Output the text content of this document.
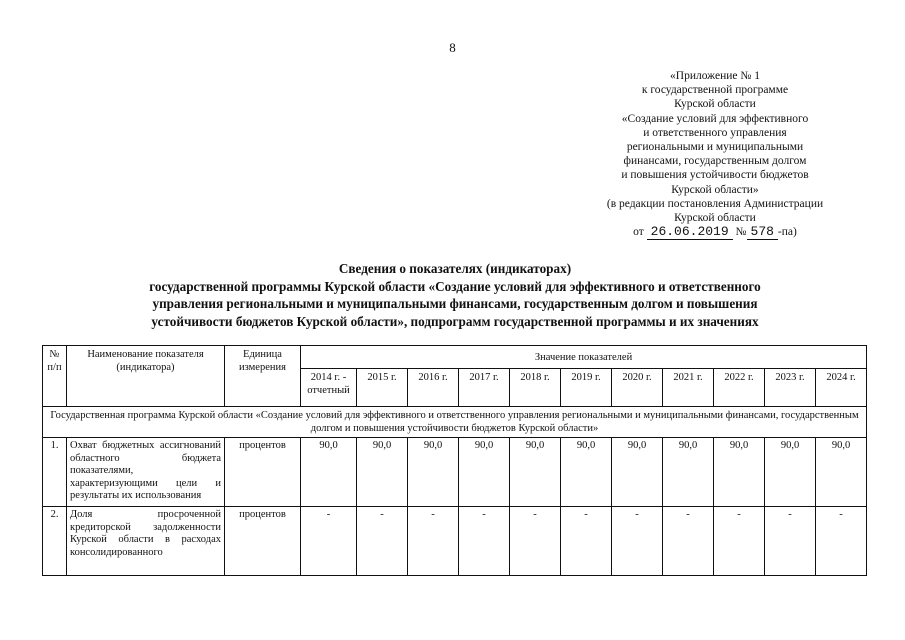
8
«Приложение № 1
к государственной программе
Курской области
«Создание условий для эффективного
и ответственного управления
региональными и муниципальными
финансами, государственным долгом
и повышения устойчивости бюджетов
Курской области»
(в редакции постановления Администрации
Курской области
от 26.06.2019 № 578 -па)
Сведения о показателях (индикаторах)
государственной программы Курской области «Создание условий для эффективного и ответственного
управления региональными и муниципальными финансами, государственным долгом и повышения
устойчивости бюджетов Курской области», подпрограмм государственной программы и их значениях
№ п/п	Наименование показателя (индикатора)	Единица измерения	Значение показателей										
			2014 г. - отчетный	2015 г.	2016 г.	2017 г.	2018 г.	2019 г.	2020 г.	2021 г.	2022 г.	2023 г.	2024 г.
Государственная программа Курской области «Создание условий для эффективного и ответственного управления региональными и муниципальными финансами, государственным долгом и повышения устойчивости бюджетов Курской области»													
1.	Охват бюджетных ассигнований областного бюджета показателями, характеризующими цели и результаты их использования	процентов	90,0	90,0	90,0	90,0	90,0	90,0	90,0	90,0	90,0	90,0	90,0
2.	Доля просроченной кредиторской задолженности Курской области в расходах консолидированного	процентов	-	-	-	-	-	-	-	-	-	-	-
